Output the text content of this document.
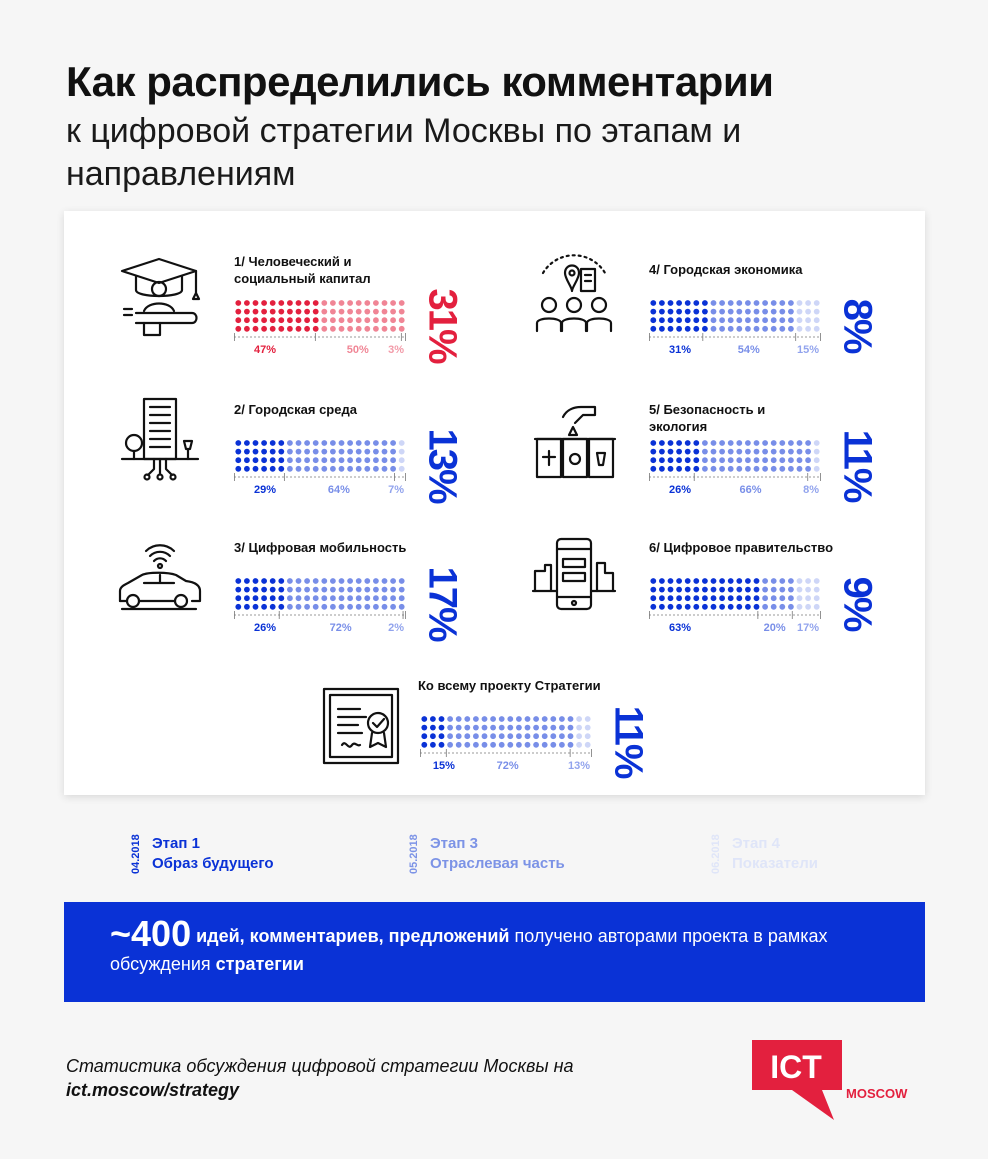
Как распределились комментарии
к цифровой стратегии Москвы по этапам и направлениям
1/ Человеческий и социальный капитал
47%	50% 3% 31%
2/ Городская среда
29%	64%	7% 13%
3/ Цифровая мобильность
26%	72%	2% 17%
4/ Городская экономика
31%	54%	15% 8%
5/ Безопасность и экология
26%	66%	8% 11%
6/ Цифровое правительство
63%	20% 17% 9%
Ко всему проекту Стратегии
15%	72%	13% 11%
04.2018 Этап 1
Образ будущего	05.2018 Этап 3
Отраслевая часть	06.2018 Этап 4
Показатели
~400 идей, комментариев, предложений получено авторами проекта в рамках обсуждения стратегии
Статистика обсуждения цифровой стратегии Москвы на
ict.moscow/strategy
ICT
MOSCOW
